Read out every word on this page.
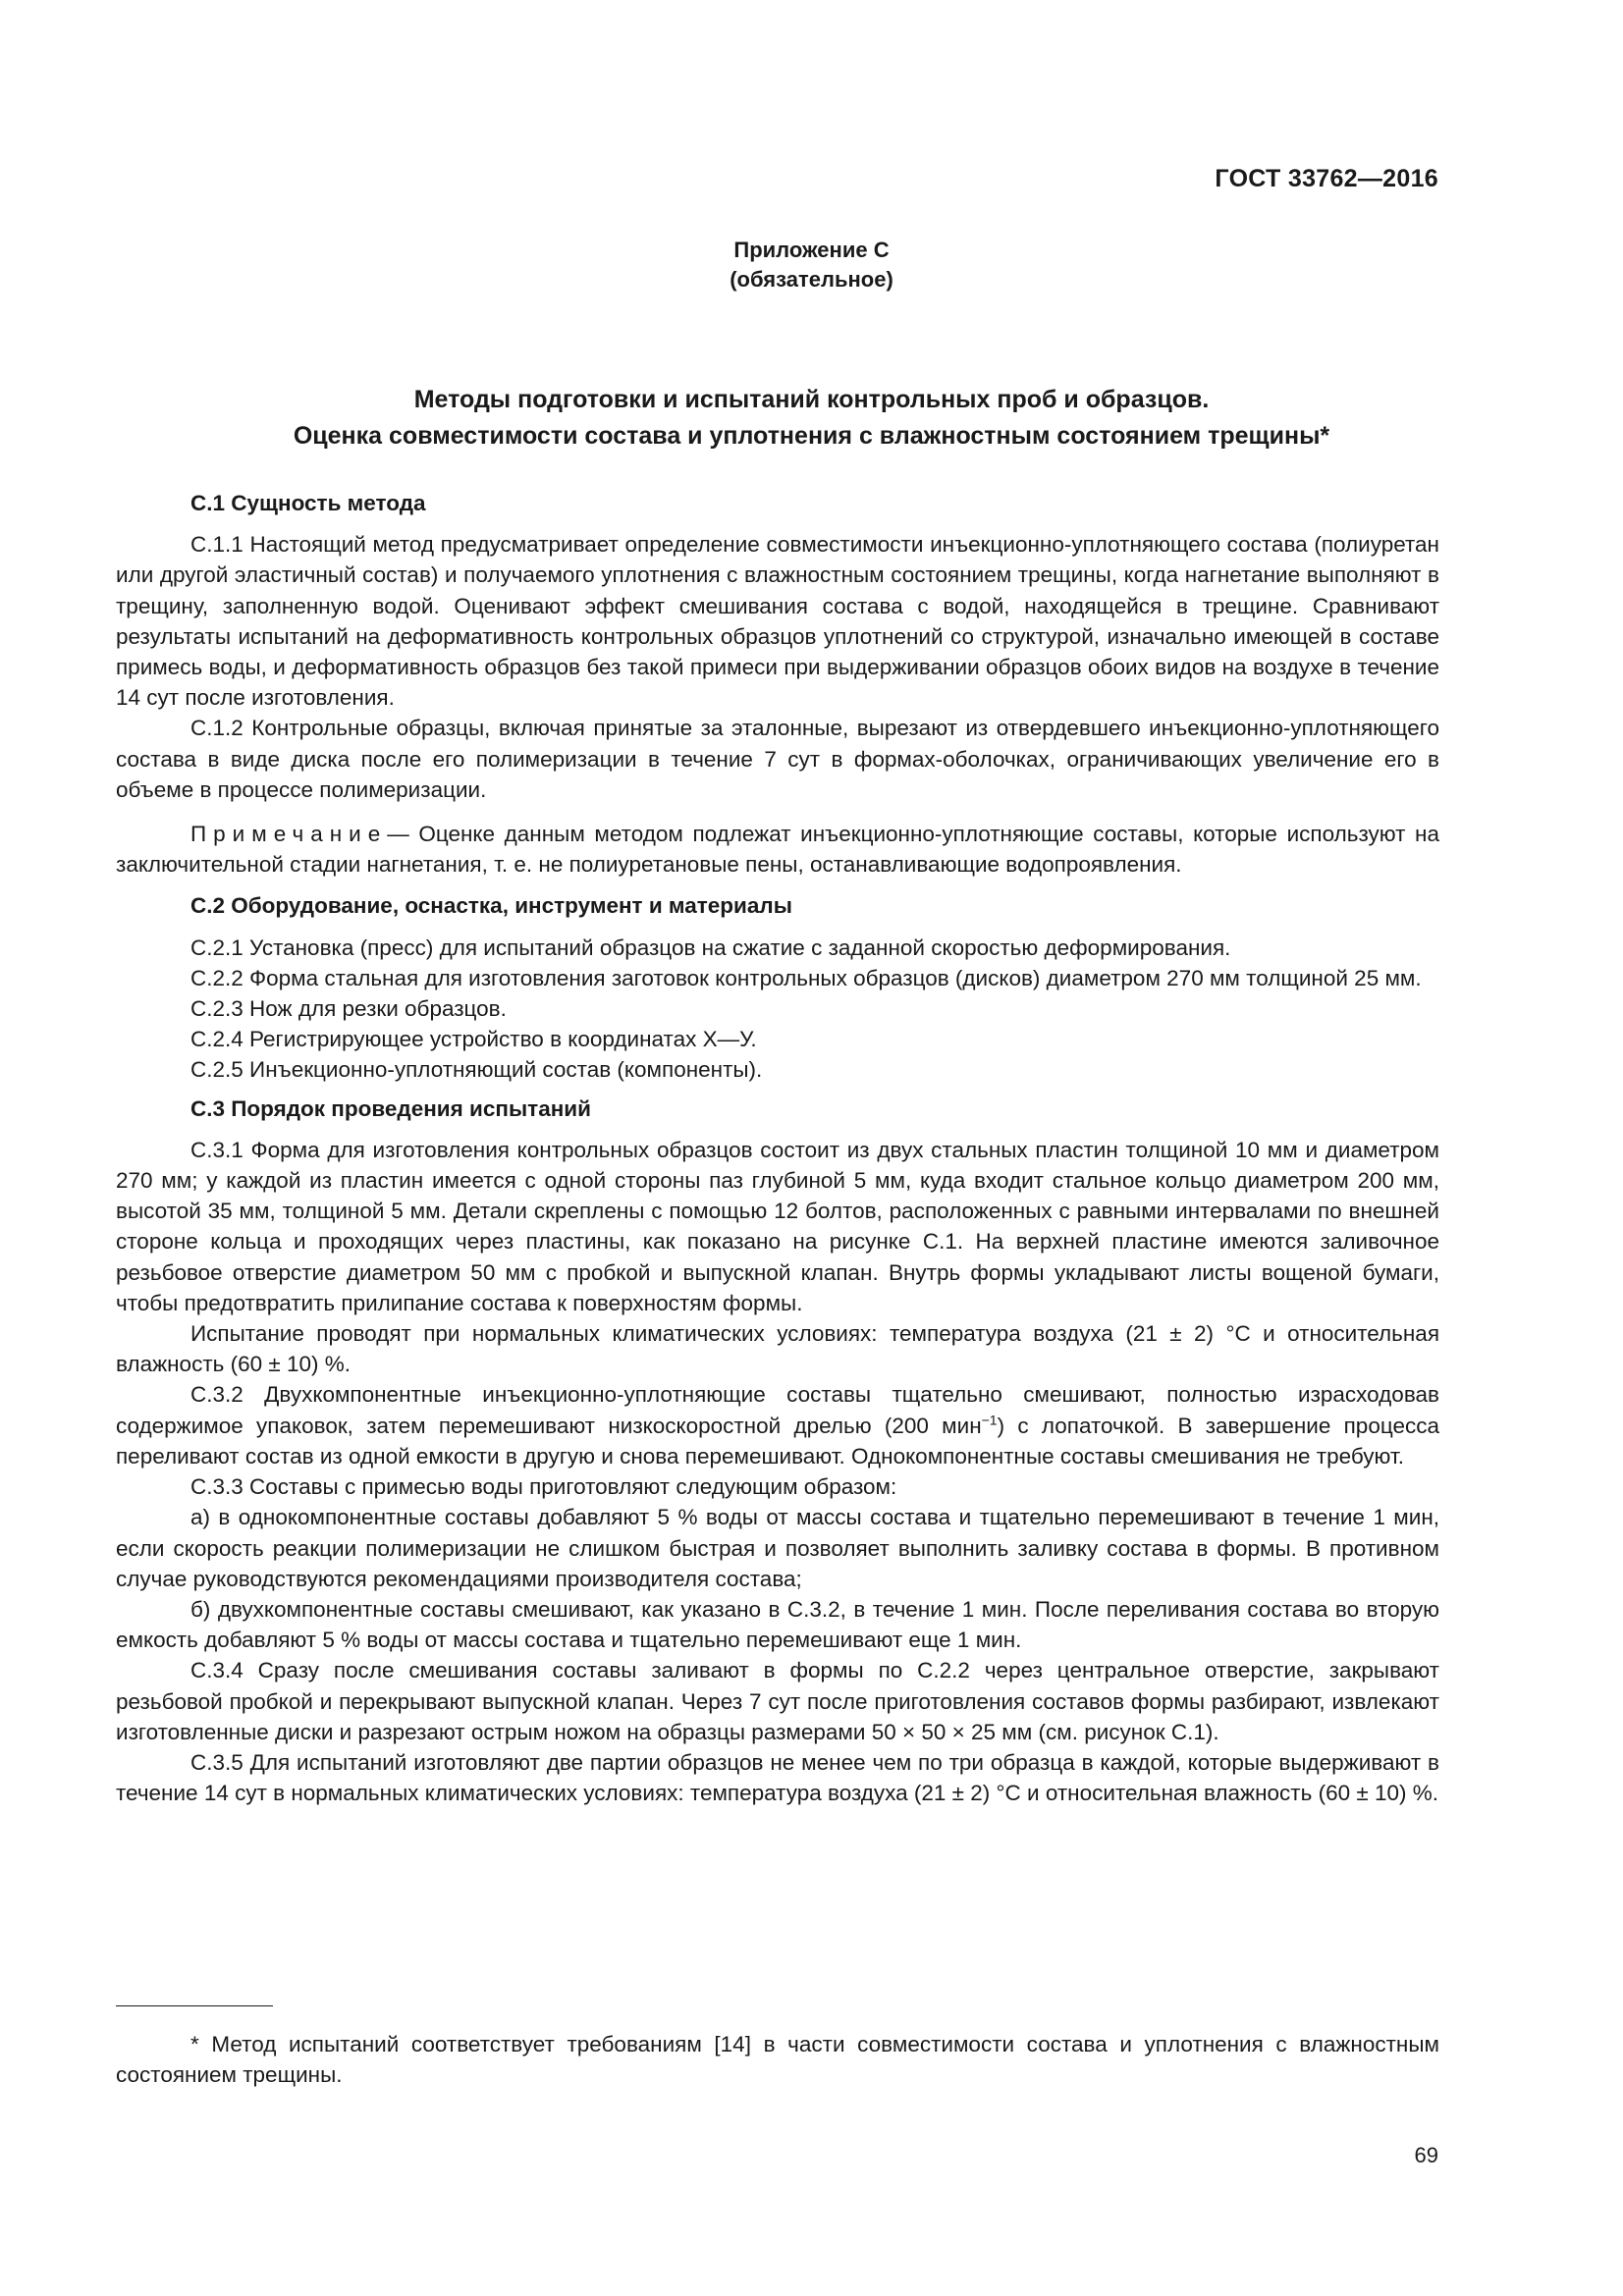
ГОСТ 33762—2016
Приложение С
(обязательное)
Методы подготовки и испытаний контрольных проб и образцов.
Оценка совместимости состава и уплотнения с влажностным состоянием трещины*
С.1 Сущность метода

С.1.1 Настоящий метод предусматривает определение совместимости инъекционно-уплотняющего состава (полиуретан или другой эластичный состав) и получаемого уплотнения с влажностным состоянием трещины, когда нагнетание выполняют в трещину, заполненную водой. Оценивают эффект смешивания состава с водой, находящейся в трещине. Сравнивают результаты испытаний на деформативность контрольных образцов уплотнений со структурой, изначально имеющей в составе примесь воды, и деформативность образцов без такой примеси при выдерживании образцов обоих видов на воздухе в течение 14 сут после изготовления.

С.1.2 Контрольные образцы, включая принятые за эталонные, вырезают из отвердевшего инъекционно-уплотняющего состава в виде диска после его полимеризации в течение 7 сут в формах-оболочках, ограничивающих увеличение его в объеме в процессе полимеризации.

Примечание— Оценке данным методом подлежат инъекционно-уплотняющие составы, которые используют на заключительной стадии нагнетания, т. е. не полиуретановые пены, останавливающие водопроявления.

С.2 Оборудование, оснастка, инструмент и материалы

С.2.1 Установка (пресс) для испытаний образцов на сжатие с заданной скоростью деформирования.

С.2.2 Форма стальная для изготовления заготовок контрольных образцов (дисков) диаметром 270 мм толщиной 25 мм.

С.2.3 Нож для резки образцов.

С.2.4 Регистрирующее устройство в координатах Х—У.

С.2.5 Инъекционно-уплотняющий состав (компоненты).

С.3 Порядок проведения испытаний

С.3.1 Форма для изготовления контрольных образцов состоит из двух стальных пластин толщиной 10 мм и диаметром 270 мм; у каждой из пластин имеется с одной стороны паз глубиной 5 мм, куда входит стальное кольцо диаметром 200 мм, высотой 35 мм, толщиной 5 мм. Детали скреплены с помощью 12 болтов, расположенных с равными интервалами по внешней стороне кольца и проходящих через пластины, как показано на рисунке С.1. На верхней пластине имеются заливочное резьбовое отверстие диаметром 50 мм с пробкой и выпускной клапан. Внутрь формы укладывают листы вощеной бумаги, чтобы предотвратить прилипание состава к поверхностям формы.

Испытание проводят при нормальных климатических условиях: температура воздуха (21 ± 2) °С и относительная влажность (60 ± 10) %.

С.3.2 Двухкомпонентные инъекционно-уплотняющие составы тщательно смешивают, полностью израсходовав содержимое упаковок, затем перемешивают низкоскоростной дрелью (200 мин$^{-1}$) с лопаточкой. В завершение процесса переливают состав из одной емкости в другую и снова перемешивают. Однокомпонентные составы смешивания не требуют.

С.3.3 Составы с примесью воды приготовляют следующим образом:

а) в однокомпонентные составы добавляют 5 % воды от массы состава и тщательно перемешивают в течение 1 мин, если скорость реакции полимеризации не слишком быстрая и позволяет выполнить заливку состава в формы. В противном случае руководствуются рекомендациями производителя состава;

б) двухкомпонентные составы смешивают, как указано в С.3.2, в течение 1 мин. После переливания состава во вторую емкость добавляют 5 % воды от массы состава и тщательно перемешивают еще 1 мин.

С.3.4 Сразу после смешивания составы заливают в формы по С.2.2 через центральное отверстие, закрывают резьбовой пробкой и перекрывают выпускной клапан. Через 7 сут после приготовления составов формы разбирают, извлекают изготовленные диски и разрезают острым ножом на образцы размерами 50 × 50 × 25 мм (см. рисунок С.1).

С.3.5 Для испытаний изготовляют две партии образцов не менее чем по три образца в каждой, которые выдерживают в течение 14 сут в нормальных климатических условиях: температура воздуха (21 ± 2) °С и относительная влажность (60 ± 10) %.

* Метод испытаний соответствует требованиям [14] в части совместимости состава и уплотнения с влажностным состоянием трещины.

69
